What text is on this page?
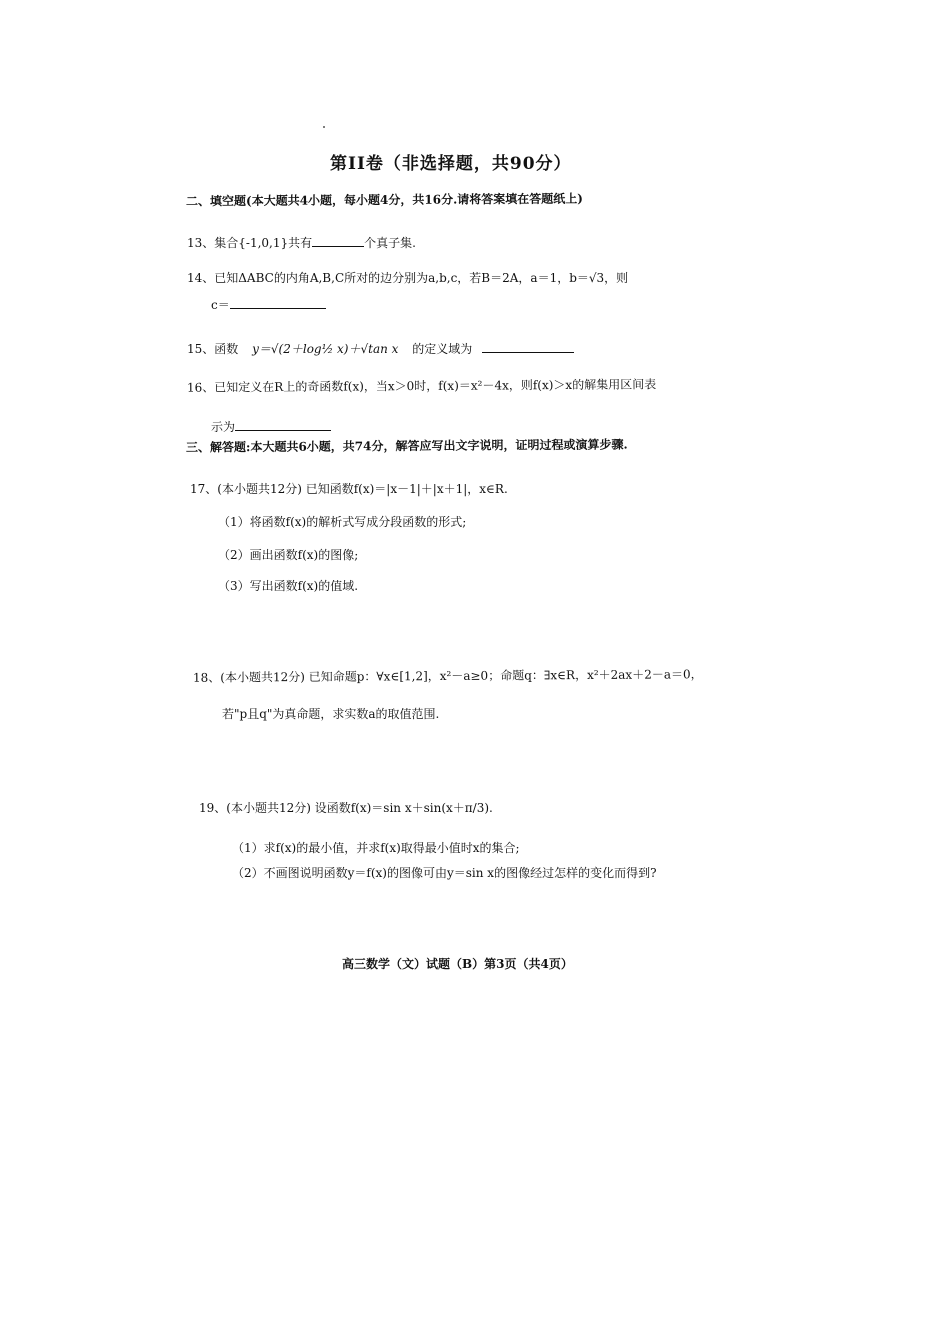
第II卷（非选择题，共90分）
二、填空题(本大题共4小题，每小题4分，共16分.请将答案填在答题纸上)
13、集合{-1,0,1}共有	个真子集.
14、已知ΔABC的内角A,B,C所对的边分别为a,b,c，若B＝2A，a＝1，b＝√3，则
c＝
15、函数 y＝√(2＋log½ x)＋√tan x 的定义域为
16、已知定义在R上的奇函数f(x)，当x＞0时，f(x)＝x²－4x，则f(x)＞x的解集用区间表
示为
三、解答题:本大题共6小题，共74分，解答应写出文字说明，证明过程或演算步骤.
17、(本小题共12分) 已知函数f(x)＝|x－1|＋|x＋1|，x∈R.
（1）将函数f(x)的解析式写成分段函数的形式;
（2）画出函数f(x)的图像;
（3）写出函数f(x)的值域.
18、(本小题共12分) 已知命题p：∀x∈[1,2]，x²－a≥0；命题q：∃x∈R，x²＋2ax＋2－a＝0，
若"p且q"为真命题，求实数a的取值范围.
19、(本小题共12分) 设函数f(x)＝sin x＋sin(x＋π/3).
（1）求f(x)的最小值，并求f(x)取得最小值时x的集合;
（2）不画图说明函数y＝f(x)的图像可由y＝sin x的图像经过怎样的变化而得到?
高三数学（文）试题（B）第3页（共4页）
